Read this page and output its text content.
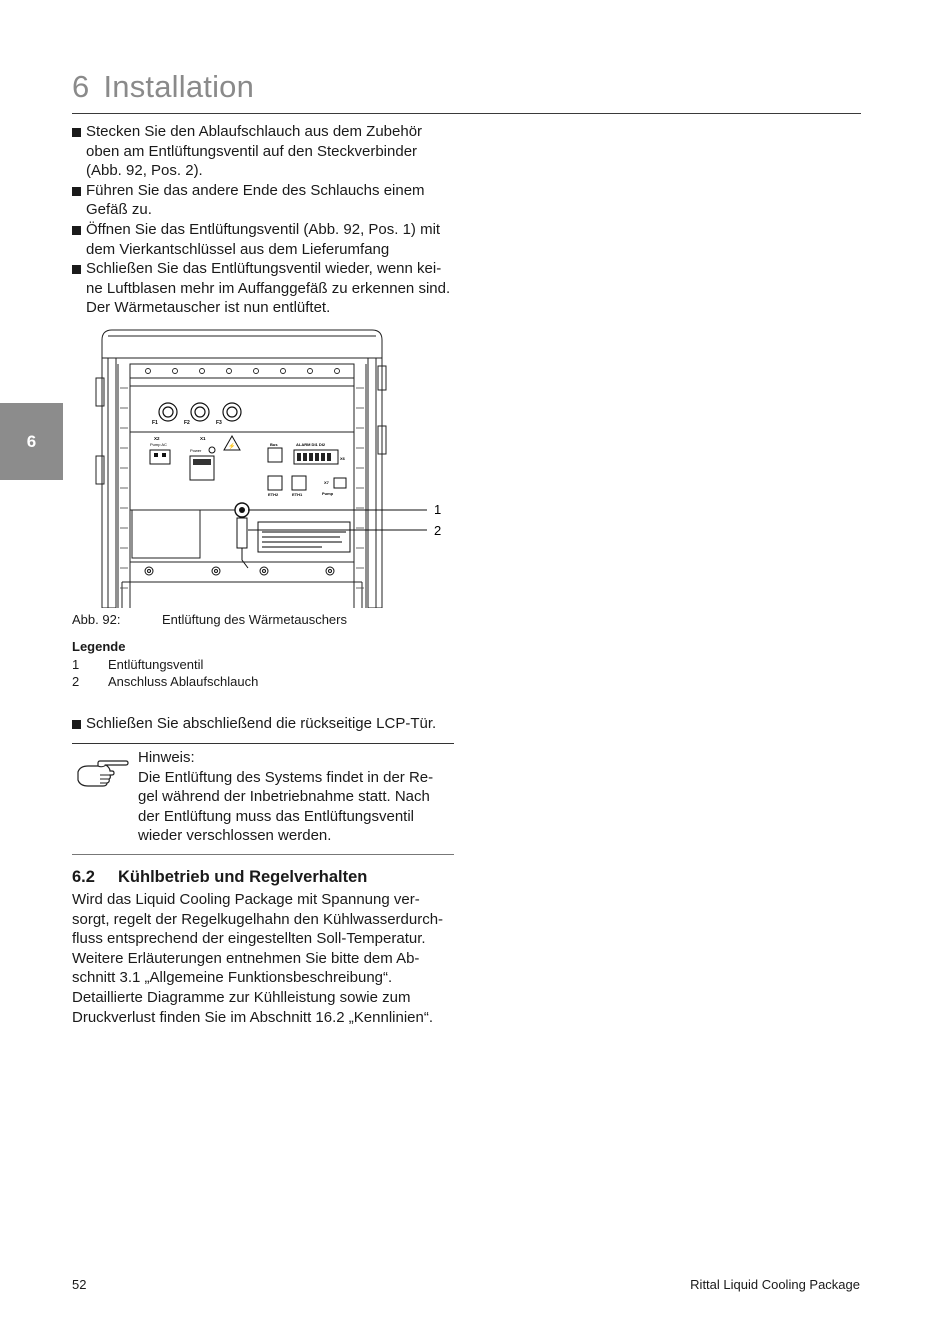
6 Installation
6
Stecken Sie den Ablaufschlauch aus dem Zubehör
oben am Entlüftungsventil auf den Steckverbinder
(Abb. 92, Pos. 2).
Führen Sie das andere Ende des Schlauchs einem
Gefäß zu.
Öffnen Sie das Entlüftungsventil (Abb. 92, Pos. 1) mit
dem Vierkantschlüssel aus dem Lieferumfang
Schließen Sie das Entlüftungsventil wieder, wenn kei-
ne Luftblasen mehr im Auffanggefäß zu erkennen sind.
Der Wärmetauscher ist nun entlüftet.
F1	F2	F3
X2
Pump AC
X1
Power
⚡	Bus	ALARM DI1 DI2
X6
ETH2	ETH1
X7
Pump
1
2
Abb. 92:	Entlüftung des Wärmetauschers
Legende
1 Entlüftungsventil
2 Anschluss Ablaufschlauch
Schließen Sie abschließend die rückseitige LCP-Tür.
Hinweis:
Die Entlüftung des Systems findet in der Re-
gel während der Inbetriebnahme statt. Nach
der Entlüftung muss das Entlüftungsventil
wieder verschlossen werden.
6.2 Kühlbetrieb und Regelverhalten
Wird das Liquid Cooling Package mit Spannung ver-
sorgt, regelt der Regelkugelhahn den Kühlwasserdurch-
fluss entsprechend der eingestellten Soll-Temperatur.
Weitere Erläuterungen entnehmen Sie bitte dem Ab-
schnitt 3.1 „Allgemeine Funktionsbeschreibung“.
Detaillierte Diagramme zur Kühlleistung sowie zum
Druckverlust finden Sie im Abschnitt 16.2 „Kennlinien“.
52	Rittal Liquid Cooling Package
